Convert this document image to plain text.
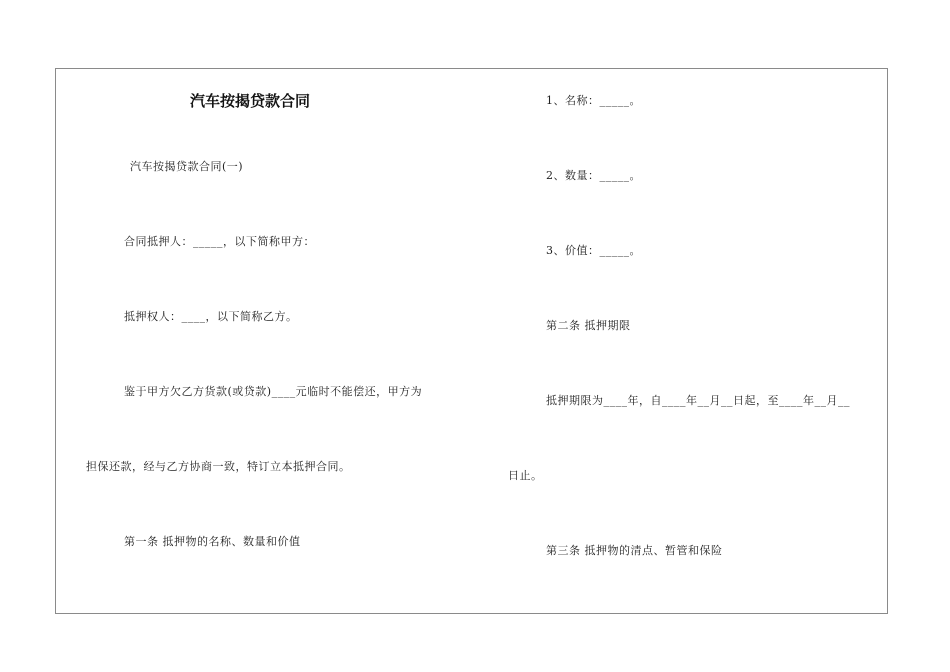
汽车按揭贷款合同
汽车按揭贷款合同(一)
合同抵押人：_____，以下简称甲方：
抵押权人：____，以下简称乙方。
鉴于甲方欠乙方货款(或贷款)____元临时不能偿还，甲方为
担保还款，经与乙方协商一致，特订立本抵押合同。
第一条 抵押物的名称、数量和价值
1、名称：_____。
2、数量：_____。
3、价值：_____。
第二条 抵押期限
抵押期限为____年，自____年__月__日起，至____年__月__
日止。
第三条 抵押物的清点、暂管和保险
